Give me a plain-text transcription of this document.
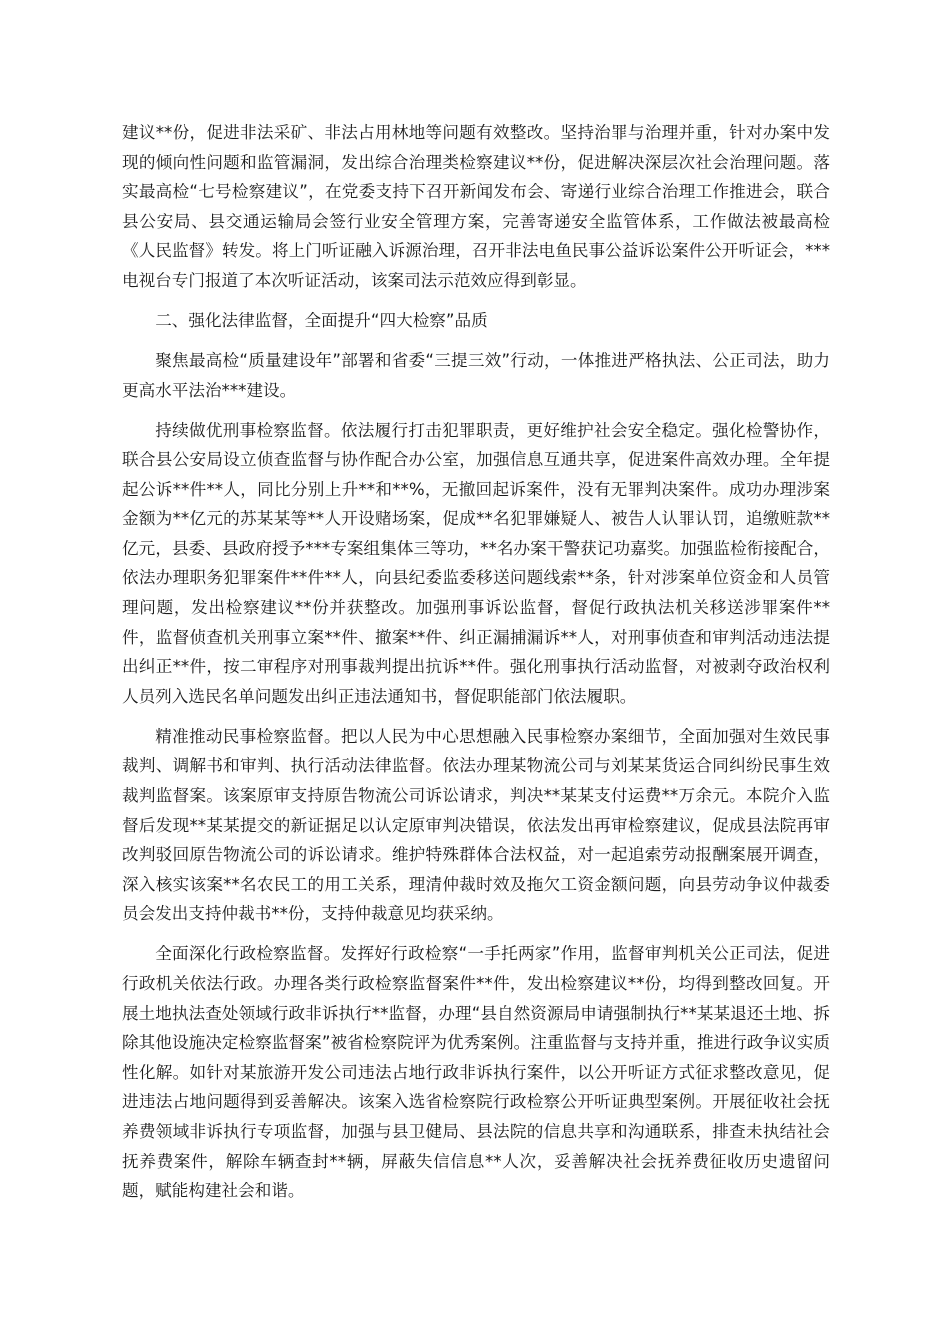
建议**份，促进非法采矿、非法占用林地等问题有效整改。坚持治罪与治理并重，针对办案中发现的倾向性问题和监管漏洞，发出综合治理类检察建议**份，促进解决深层次社会治理问题。落实最高检“七号检察建议”，在党委支持下召开新闻发布会、寄递行业综合治理工作推进会，联合县公安局、县交通运输局会签行业安全管理方案，完善寄递安全监管体系，工作做法被最高检《人民监督》转发。将上门听证融入诉源治理，召开非法电鱼民事公益诉讼案件公开听证会，***电视台专门报道了本次听证活动，该案司法示范效应得到彰显。

二、强化法律监督，全面提升“四大检察”品质

聚焦最高检“质量建设年”部署和省委“三提三效”行动，一体推进严格执法、公正司法，助力更高水平法治***建设。

持续做优刑事检察监督。依法履行打击犯罪职责，更好维护社会安全稳定。强化检警协作，联合县公安局设立侦查监督与协作配合办公室，加强信息互通共享，促进案件高效办理。全年提起公诉**件**人，同比分别上升**和**%，无撤回起诉案件，没有无罪判决案件。成功办理涉案金额为**亿元的苏某某等**人开设赌场案，促成**名犯罪嫌疑人、被告人认罪认罚，追缴赃款**亿元，县委、县政府授予***专案组集体三等功，**名办案干警获记功嘉奖。加强监检衔接配合，依法办理职务犯罪案件**件**人，向县纪委监委移送问题线索**条，针对涉案单位资金和人员管理问题，发出检察建议**份并获整改。加强刑事诉讼监督，督促行政执法机关移送涉罪案件**件，监督侦查机关刑事立案**件、撤案**件、纠正漏捕漏诉**人，对刑事侦查和审判活动违法提出纠正**件，按二审程序对刑事裁判提出抗诉**件。强化刑事执行活动监督，对被剥夺政治权利人员列入选民名单问题发出纠正违法通知书，督促职能部门依法履职。

精准推动民事检察监督。把以人民为中心思想融入民事检察办案细节，全面加强对生效民事裁判、调解书和审判、执行活动法律监督。依法办理某物流公司与刘某某货运合同纠纷民事生效裁判监督案。该案原审支持原告物流公司诉讼请求，判决**某某支付运费**万余元。本院介入监督后发现**某某提交的新证据足以认定原审判决错误，依法发出再审检察建议，促成县法院再审改判驳回原告物流公司的诉讼请求。维护特殊群体合法权益，对一起追索劳动报酬案展开调查，深入核实该案**名农民工的用工关系，理清仲裁时效及拖欠工资金额问题，向县劳动争议仲裁委员会发出支持仲裁书**份，支持仲裁意见均获采纳。

全面深化行政检察监督。发挥好行政检察“一手托两家”作用，监督审判机关公正司法，促进行政机关依法行政。办理各类行政检察监督案件**件，发出检察建议**份，均得到整改回复。开展土地执法查处领域行政非诉执行**监督，办理“县自然资源局申请强制执行**某某退还土地、拆除其他设施决定检察监督案”被省检察院评为优秀案例。注重监督与支持并重，推进行政争议实质性化解。如针对某旅游开发公司违法占地行政非诉执行案件，以公开听证方式征求整改意见，促进违法占地问题得到妥善解决。该案入选省检察院行政检察公开听证典型案例。开展征收社会抚养费领域非诉执行专项监督，加强与县卫健局、县法院的信息共享和沟通联系，排查未执结社会抚养费案件，解除车辆查封**辆，屏蔽失信信息**人次，妥善解决社会抚养费征收历史遗留问题，赋能构建社会和谐。
